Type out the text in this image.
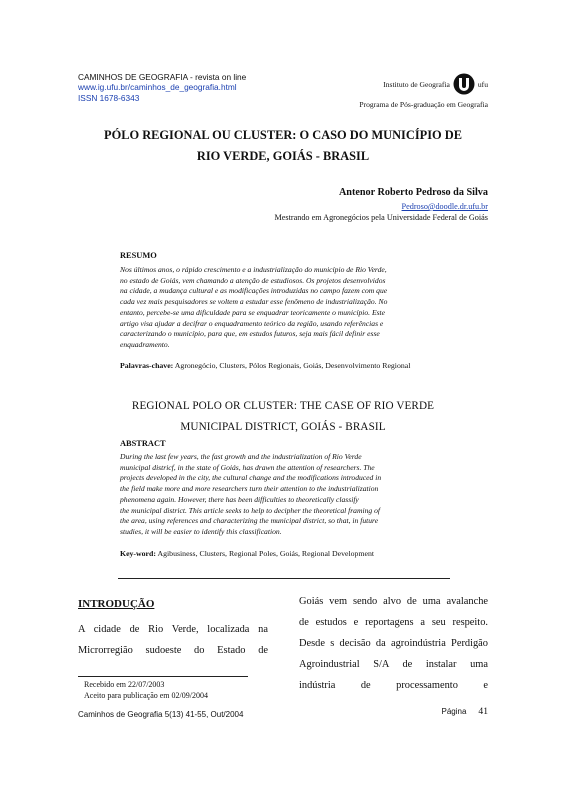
CAMINHOS DE GEOGRAFIA - revista on line
www.ig.ufu.br/caminhos_de_geografia.html
ISSN 1678-6343
Instituto de Geografia	ufu
Programa de Pós-graduação em Geografia
PÓLO REGIONAL OU CLUSTER: O CASO DO MUNICÍPIO DE
RIO VERDE, GOIÁS - BRASIL
Antenor Roberto Pedroso da Silva
Pedroso@doodle.dr.ufu.br
Mestrando em Agronegócios pela Universidade Federal de Goiás
RESUMO
Nos últimos anos, o rápido crescimento e a industrialização do município de Rio Verde,
no estado de Goiás, vem chamando a atenção de estudiosos. Os projetos desenvolvidos
na cidade, a mudança cultural e as modificações introduzidas no campo fazem com que
cada vez mais pesquisadores se voltem a estudar esse fenômeno de industrialização. No
entanto, percebe-se uma dificuldade para se enquadrar teoricamente o município. Este
artigo visa ajudar a decifrar o enquadramento teórico da região, usando referências e
caracterizando o município, para que, em estudos futuros, seja mais fácil definir esse
enquadramento.
Palavras-chave: Agronegócio, Clusters, Pólos Regionais, Goiás, Desenvolvimento Regional
REGIONAL POLO OR CLUSTER: THE CASE OF RIO VERDE
MUNICIPAL DISTRICT, GOIÁS - BRASIL
ABSTRACT
During the last few years, the fast growth and the industrialization of Rio Verde
municipal districf, in the state of Goiás, has drawn the attention of researchers. The
projects developed in the city, the cultural change and the modifications introduced in
the field make more and more researchers turn their attention to the industrialization
phenomena again. However, there has been difficulties to theoretically classify
the municipal district. This article seeks to help to decipher the theoretical framing of
the area, using references and characterizing the municipal district, so that, in future
studies, it will be easier to identify this classification.
Key-word: Agibusiness, Clusters, Regional Poles, Goiás, Regional Development
INTRODUÇÃO
A cidade de Rio Verde, localizada na
Microrregião sudoeste do Estado de
Goiás vem sendo alvo de uma avalanche
de estudos e reportagens a seu respeito.
Desde s decisão da agroindústria Perdigão
Agroindustrial S/A de instalar uma
indústria de processamento e
Recebido em 22/07/2003
Aceito para publicação em 02/09/2004
Caminhos de Geografia 5(13) 41-55, Out/2004	Página 41
